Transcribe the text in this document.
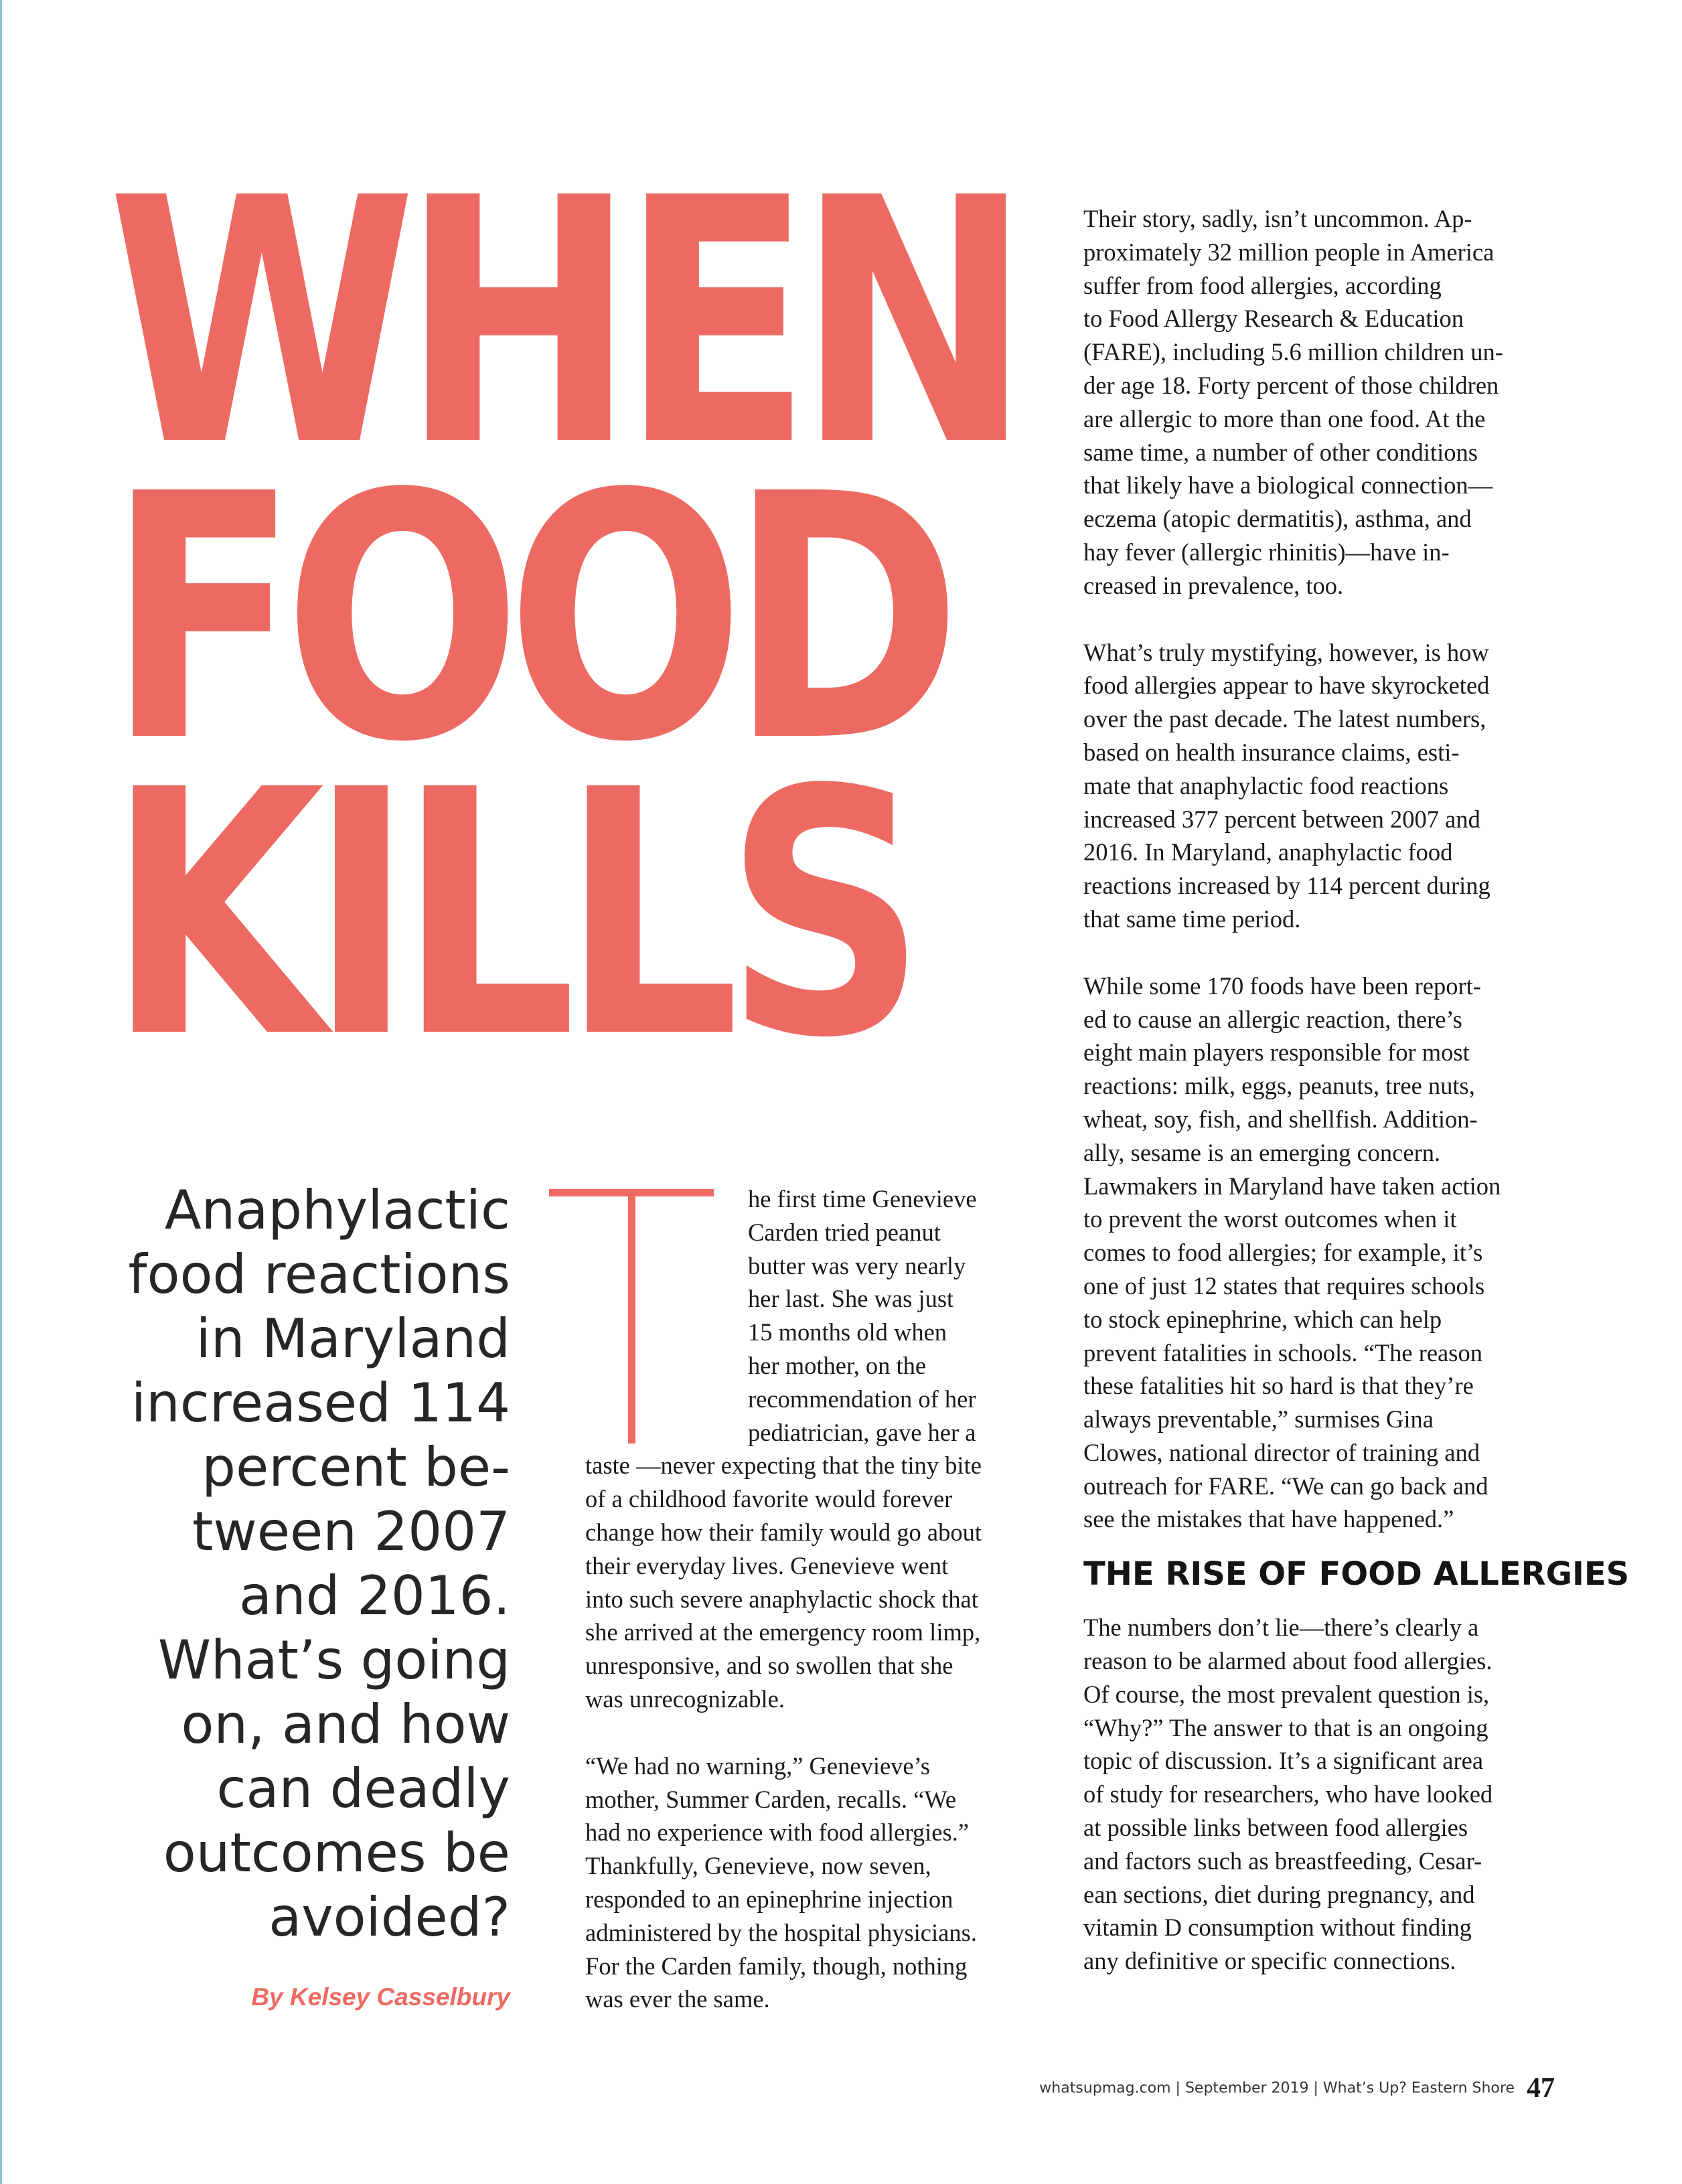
WHEN
FOOD
KILLS
Anaphylactic
food reactions
in Maryland
increased 114
percent be-
tween 2007
and 2016.
What’s going
on, and how
can deadly
outcomes be
avoided?
By Kelsey Casselbury
he first time Genevieve
Carden tried peanut
butter was very nearly
her last. She was just
15 months old when
her mother, on the
recommendation of her
pediatrician, gave her a
taste —never expecting that the tiny bite
of a childhood favorite would forever
change how their family would go about
their everyday lives. Genevieve went
into such severe anaphylactic shock that
she arrived at the emergency room limp,
unresponsive, and so swollen that she
was unrecognizable.
“We had no warning,” Genevieve’s
mother, Summer Carden, recalls. “We
had no experience with food allergies.”
Thankfully, Genevieve, now seven,
responded to an epinephrine injection
administered by the hospital physicians.
For the Carden family, though, nothing
was ever the same.
Their story, sadly, isn’t uncommon. Ap-
proximately 32 million people in America
suffer from food allergies, according
to Food Allergy Research & Education
(FARE), including 5.6 million children un-
der age 18. Forty percent of those children
are allergic to more than one food. At the
same time, a number of other conditions
that likely have a biological connection—
eczema (atopic dermatitis), asthma, and
hay fever (allergic rhinitis)—have in-
creased in prevalence, too.
What’s truly mystifying, however, is how
food allergies appear to have skyrocketed
over the past decade. The latest numbers,
based on health insurance claims, esti-
mate that anaphylactic food reactions
increased 377 percent between 2007 and
2016. In Maryland, anaphylactic food
reactions increased by 114 percent during
that same time period.
While some 170 foods have been report-
ed to cause an allergic reaction, there’s
eight main players responsible for most
reactions: milk, eggs, peanuts, tree nuts,
wheat, soy, fish, and shellfish. Addition-
ally, sesame is an emerging concern.
Lawmakers in Maryland have taken action
to prevent the worst outcomes when it
comes to food allergies; for example, it’s
one of just 12 states that requires schools
to stock epinephrine, which can help
prevent fatalities in schools. “The reason
these fatalities hit so hard is that they’re
always preventable,” surmises Gina
Clowes, national director of training and
outreach for FARE. “We can go back and
see the mistakes that have happened.”
THE RISE OF FOOD ALLERGIES
The numbers don’t lie—there’s clearly a
reason to be alarmed about food allergies.
Of course, the most prevalent question is,
“Why?” The answer to that is an ongoing
topic of discussion. It’s a significant area
of study for researchers, who have looked
at possible links between food allergies
and factors such as breastfeeding, Cesar-
ean sections, diet during pregnancy, and
vitamin D consumption without finding
any definitive or specific connections.
whatsupmag.com | September 2019 | What’s Up? Eastern Shore 47
